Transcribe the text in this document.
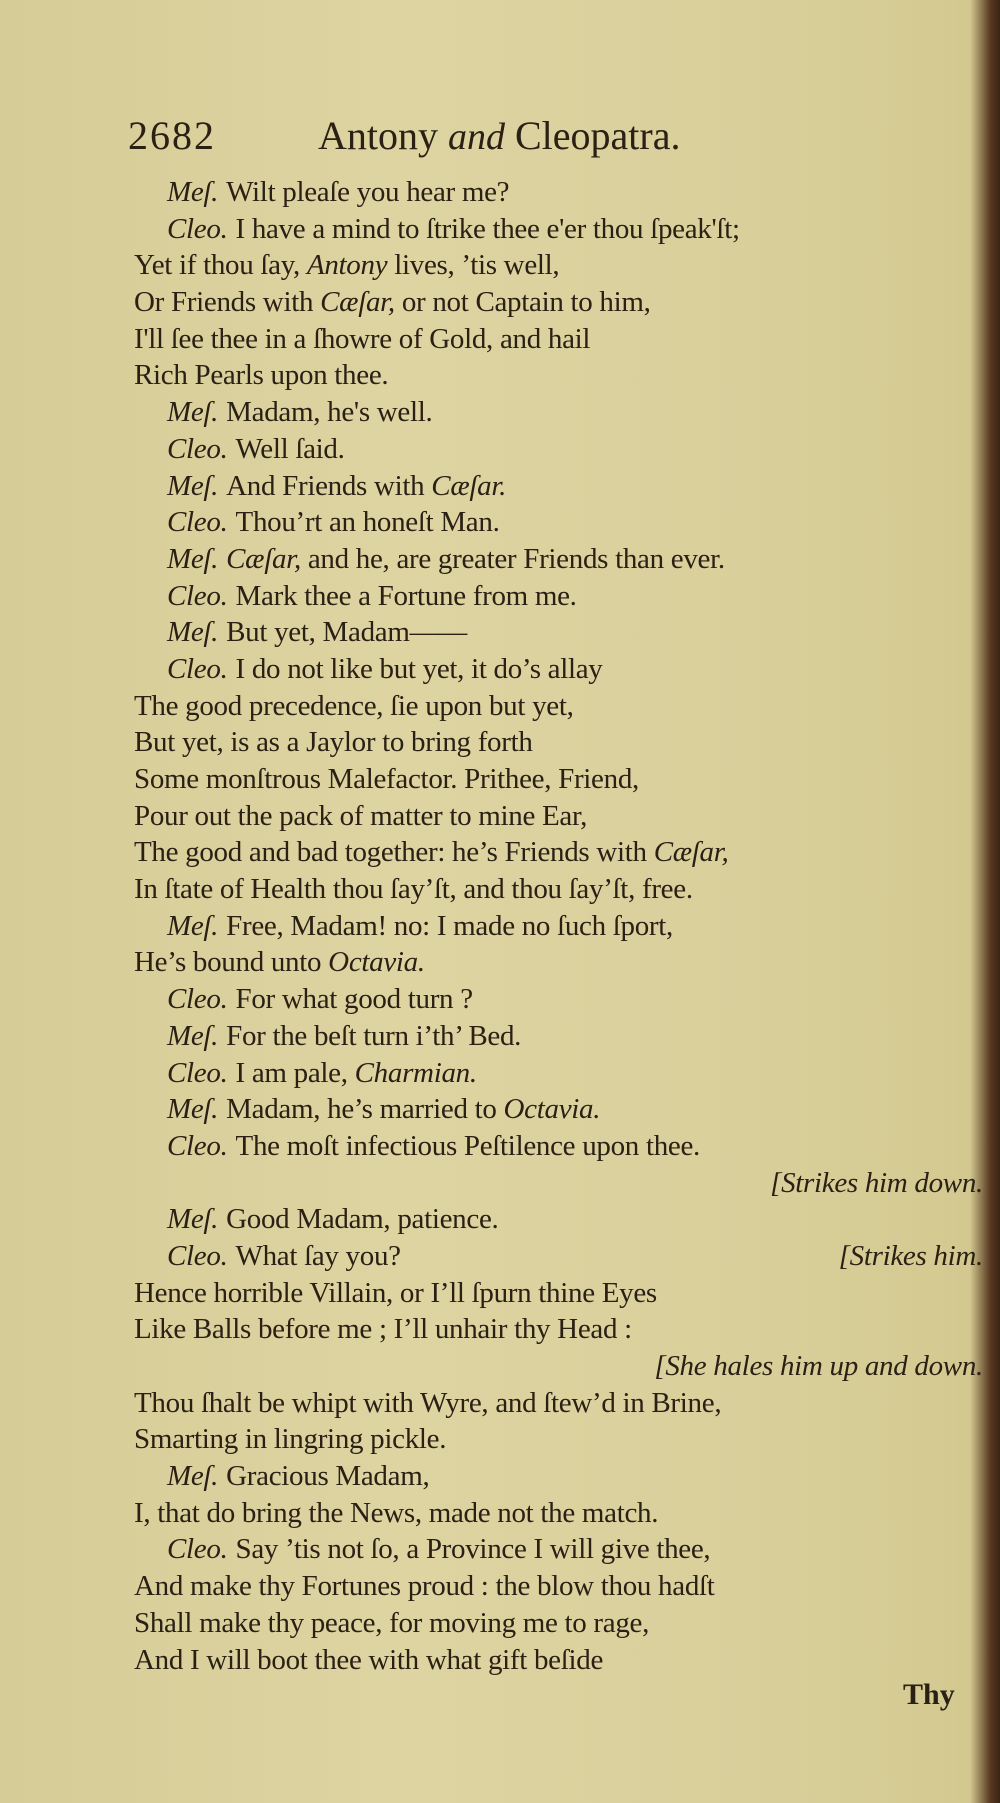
2682	Antony and Cleopatra.
Meſ. Wilt pleaſe you hear me?
Cleo. I have a mind to ſtrike thee e'er thou ſpeak'ſt;
Yet if thou ſay, Antony lives, ’tis well,
Or Friends with Cæſar, or not Captain to him,
I'll ſee thee in a ſhowre of Gold, and hail
Rich Pearls upon thee.
Meſ. Madam, he's well.
Cleo. Well ſaid.
Meſ. And Friends with Cæſar.
Cleo. Thou’rt an honeſt Man.
Meſ. Cæſar, and he, are greater Friends than ever.
Cleo. Mark thee a Fortune from me.
Meſ. But yet, Madam——
Cleo. I do not like but yet, it do’s allay
The good precedence, ſie upon but yet,
But yet, is as a Jaylor to bring forth
Some monſtrous Malefactor. Prithee, Friend,
Pour out the pack of matter to mine Ear,
The good and bad together: he’s Friends with Cæſar,
In ſtate of Health thou ſay’ſt, and thou ſay’ſt, free.
Meſ. Free, Madam! no: I made no ſuch ſport,
He’s bound unto Octavia.
Cleo. For what good turn ?
Meſ. For the beſt turn i’th’ Bed.
Cleo. I am pale, Charmian.
Meſ. Madam, he’s married to Octavia.
Cleo. The moſt infectious Peſtilence upon thee.
[Strikes him down.
Meſ. Good Madam, patience.
Cleo. What ſay you?	[Strikes him.
Hence horrible Villain, or I’ll ſpurn thine Eyes
Like Balls before me ; I’ll unhair thy Head :
[She hales him up and down.
Thou ſhalt be whipt with Wyre, and ſtew’d in Brine,
Smarting in lingring pickle.
Meſ. Gracious Madam,
I, that do bring the News, made not the match.
Cleo. Say ’tis not ſo, a Province I will give thee,
And make thy Fortunes proud : the blow thou hadſt
Shall make thy peace, for moving me to rage,
And I will boot thee with what gift beſide
Thy
